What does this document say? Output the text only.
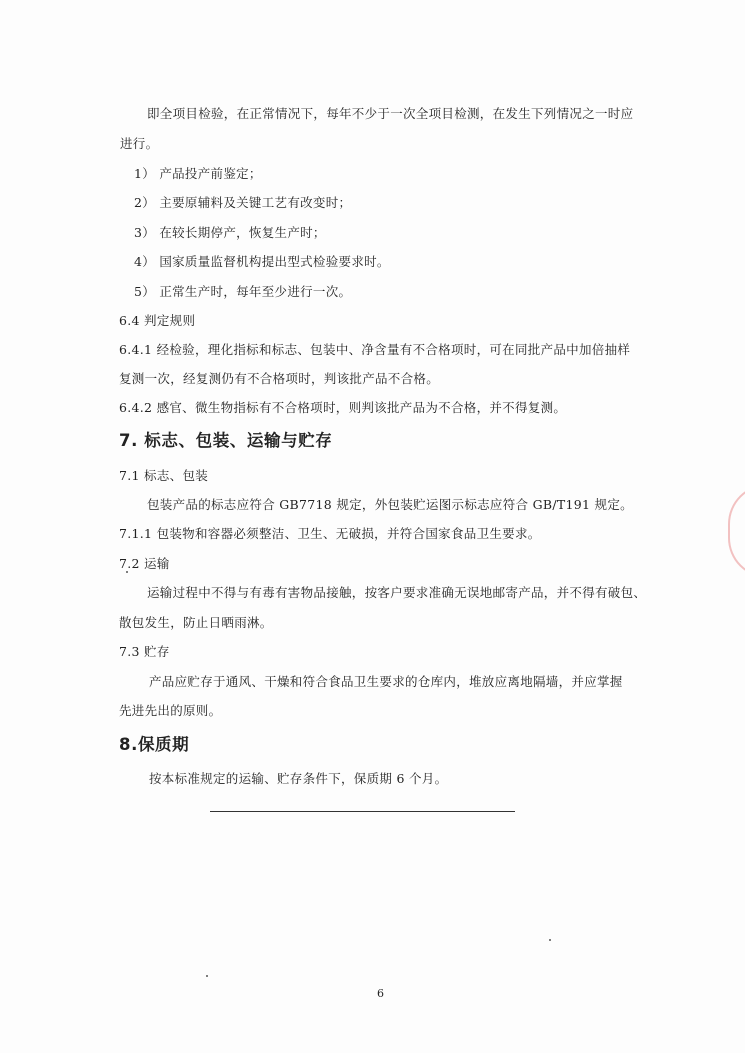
即全项目检验，在正常情况下，每年不少于一次全项目检测，在发生下列情况之一时应
进行。
1） 产品投产前鉴定；
2） 主要原辅料及关键工艺有改变时；
3） 在较长期停产，恢复生产时；
4） 国家质量监督机构提出型式检验要求时。
5） 正常生产时，每年至少进行一次。
6.4 判定规则
6.4.1 经检验，理化指标和标志、包装中、净含量有不合格项时，可在同批产品中加倍抽样
复测一次，经复测仍有不合格项时，判该批产品不合格。
6.4.2 感官、微生物指标有不合格项时，则判该批产品为不合格，并不得复测。
7. 标志、包装、运输与贮存
7.1 标志、包装
包装产品的标志应符合 GB7718 规定，外包装贮运图示标志应符合 GB/T191 规定。
7.1.1 包装物和容器必须整洁、卫生、无破损，并符合国家食品卫生要求。
7.2 运输
运输过程中不得与有毒有害物品接触，按客户要求准确无误地邮寄产品，并不得有破包、
散包发生，防止日晒雨淋。
7.3 贮存
产品应贮存于通风、干燥和符合食品卫生要求的仓库内，堆放应离地隔墙，并应掌握
先进先出的原则。
8.保质期
按本标准规定的运输、贮存条件下，保质期 6 个月。
6
